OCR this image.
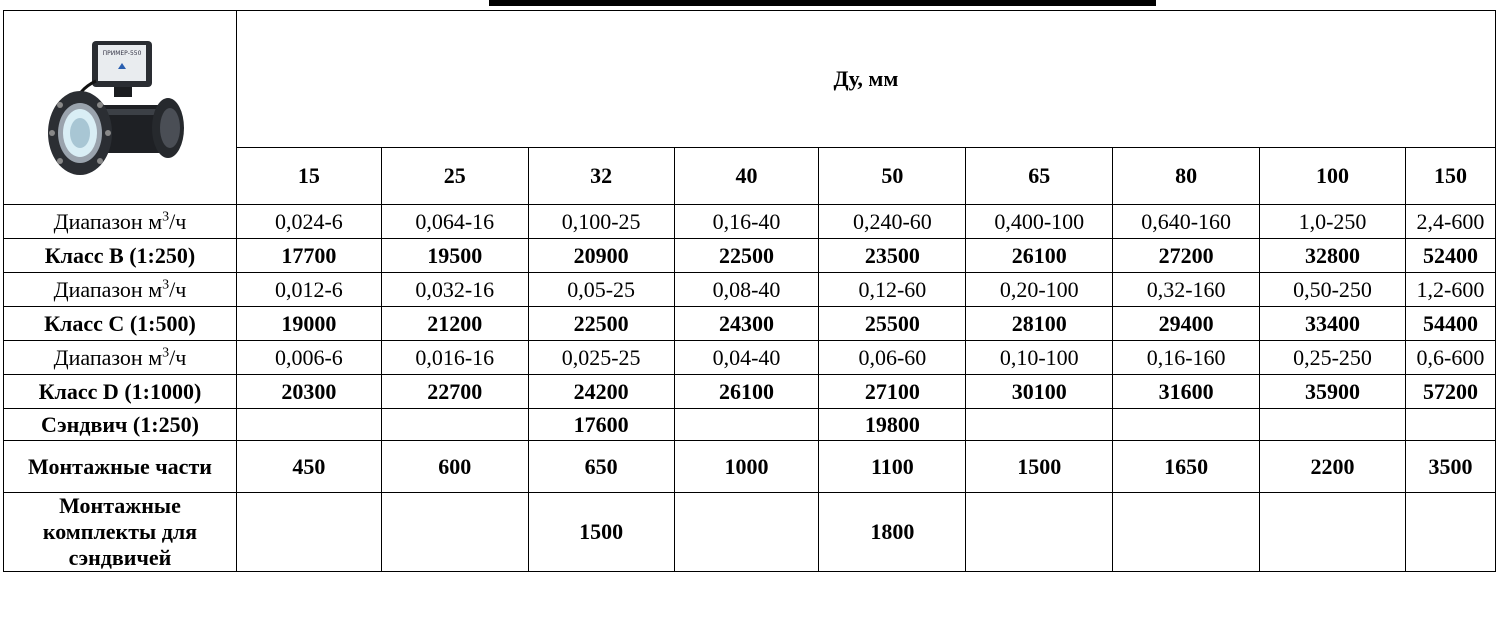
ПРИМЕР-550	Ду, мм								
	15	25	32	40	50	65	80	100	150
Диапазон $м^3/ч$	0,024-6	0,064-16	0,100-25	0,16-40	0,240-60	0,400-100	0,640-160	1,0-250	2,4-600
Класс В (1:250)	17700	19500	20900	22500	23500	26100	27200	32800	52400
Диапазон $м^3/ч$	0,012-6	0,032-16	0,05-25	0,08-40	0,12-60	0,20-100	0,32-160	0,50-250	1,2-600
Класс С (1:500)	19000	21200	22500	24300	25500	28100	29400	33400	54400
Диапазон $м^3/ч$	0,006-6	0,016-16	0,025-25	0,04-40	0,06-60	0,10-100	0,16-160	0,25-250	0,6-600
Класс D (1:1000)	20300	22700	24200	26100	27100	30100	31600	35900	57200
Сэндвич (1:250)			17600		19800				
Монтажные части	450	600	650	1000	1100	1500	1650	2200	3500
Монтажные комплекты для сэндвичей			1500		1800				
